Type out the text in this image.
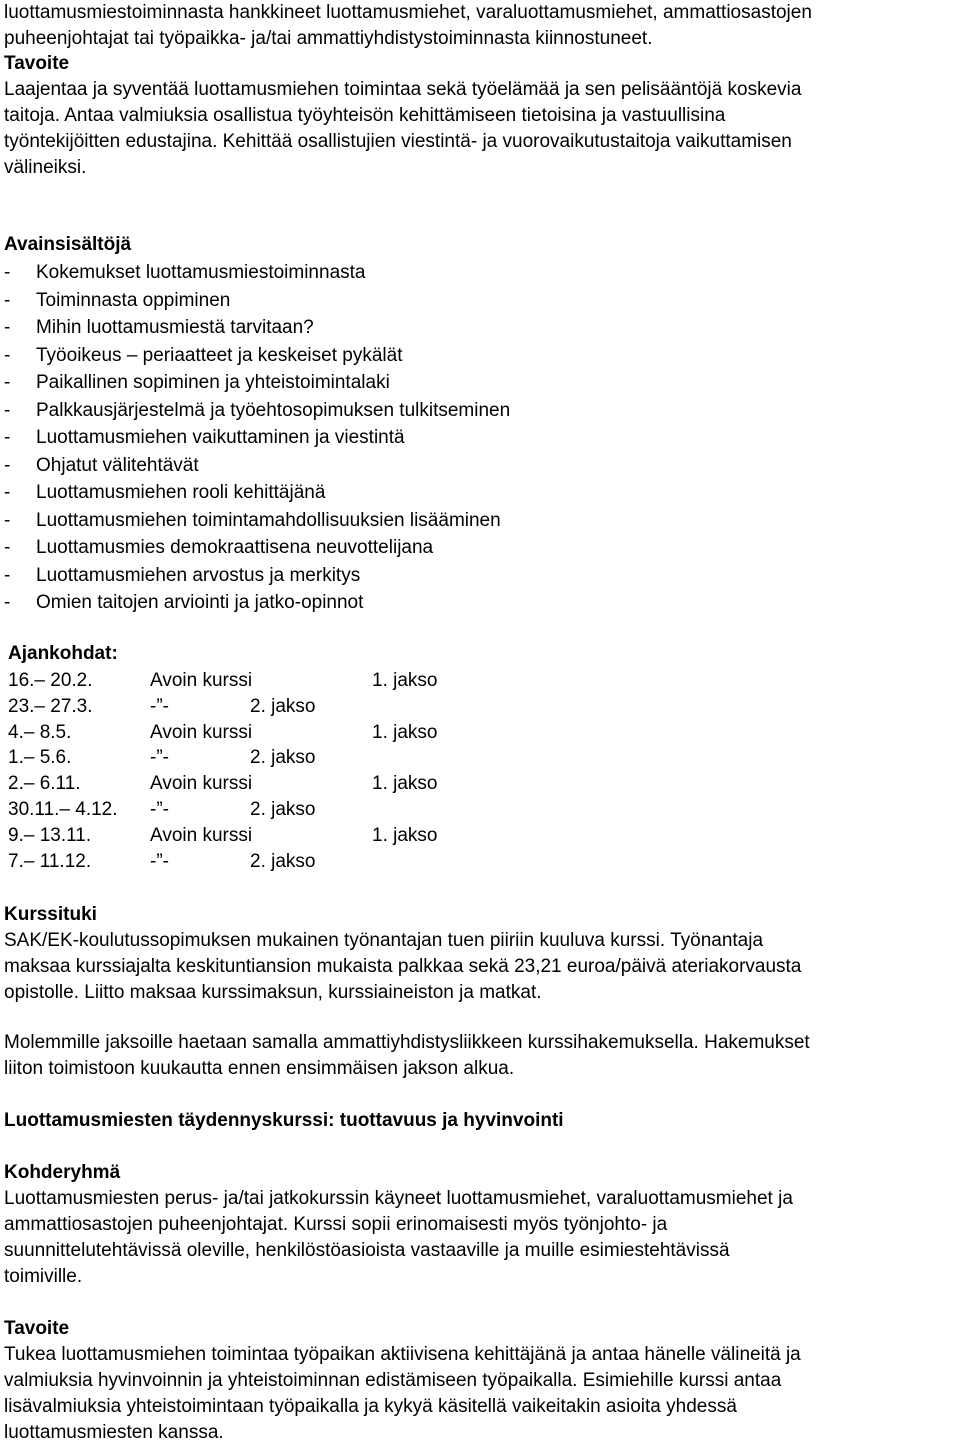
luottamusmiestoiminnasta hankkineet luottamusmiehet, varaluottamusmiehet, ammattiosastojen
puheenjohtajat tai työpaikka- ja/tai ammattiyhdistystoiminnasta kiinnostuneet.
Tavoite
Laajentaa ja syventää luottamusmiehen toimintaa sekä työelämää ja sen pelisääntöjä koskevia
taitoja. Antaa valmiuksia osallistua työyhteisön kehittämiseen tietoisina ja vastuullisina
työntekijöitten edustajina. Kehittää osallistujien viestintä- ja vuorovaikutustaitoja vaikuttamisen
välineiksi.
Avainsisältöjä
-	Kokemukset luottamusmiestoiminnasta
-	Toiminnasta oppiminen
-	Mihin luottamusmiestä tarvitaan?
-	Työoikeus – periaatteet ja keskeiset pykälät
-	Paikallinen sopiminen ja yhteistoimintalaki
-	Palkkausjärjestelmä ja työehtosopimuksen tulkitseminen
-	Luottamusmiehen vaikuttaminen ja viestintä
-	Ohjatut välitehtävät
-	Luottamusmiehen rooli kehittäjänä
-	Luottamusmiehen toimintamahdollisuuksien lisääminen
-	Luottamusmies demokraattisena neuvottelijana
-	Luottamusmiehen arvostus ja merkitys
-	Omien taitojen arviointi ja jatko-opinnot
Ajankohdat:
16.– 20.2.	Avoin kurssi	1. jakso
23.– 27.3.	-”-	2. jakso
4.– 8.5.	Avoin kurssi	1. jakso
1.– 5.6.	-”-	2. jakso
2.– 6.11.	Avoin kurssi	1. jakso
30.11.– 4.12. -”-	2. jakso
9.– 13.11.	Avoin kurssi	1. jakso
7.– 11.12.	-”-	2. jakso
Kurssituki
SAK/EK-koulutussopimuksen mukainen työnantajan tuen piiriin kuuluva kurssi. Työnantaja
maksaa kurssiajalta keskituntiansion mukaista palkkaa sekä 23,21 euroa/päivä ateriakorvausta
opistolle. Liitto maksaa kurssimaksun, kurssiaineiston ja matkat.
Molemmille jaksoille haetaan samalla ammattiyhdistysliikkeen kurssihakemuksella. Hakemukset
liiton toimistoon kuukautta ennen ensimmäisen jakson alkua.
Luottamusmiesten täydennyskurssi: tuottavuus ja hyvinvointi
Kohderyhmä
Luottamusmiesten perus- ja/tai jatkokurssin käyneet luottamusmiehet, varaluottamusmiehet ja
ammattiosastojen puheenjohtajat. Kurssi sopii erinomaisesti myös työnjohto- ja
suunnittelutehtävissä oleville, henkilöstöasioista vastaaville ja muille esimiestehtävissä
toimiville.
Tavoite
Tukea luottamusmiehen toimintaa työpaikan aktiivisena kehittäjänä ja antaa hänelle välineitä ja
valmiuksia hyvinvoinnin ja yhteistoiminnan edistämiseen työpaikalla. Esimiehille kurssi antaa
lisävalmiuksia yhteistoimintaan työpaikalla ja kykyä käsitellä vaikeitakin asioita yhdessä
luottamusmiesten kanssa.
